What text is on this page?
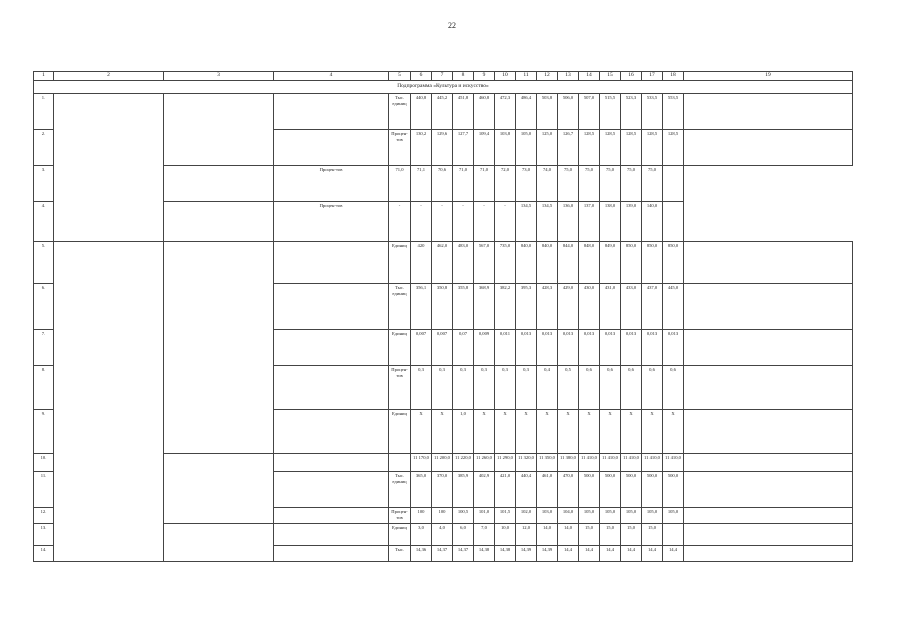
22
1	2	3	4	5	6	7	8	9	10	11	12	13	14	15	16	17	18	19
Подпрограмма «Культура и искусство»																		
1.				Тыс. единиц	440,8	445,2	451,8	460,8	472,3	486,4	503,8	506,0	507,0	515,5	523,3	533,5	553,5	
2.				Процен-тов	130,2	129,6	127,7	109,4	103,8	105,0	125,0	126,7	128,5	128,5	128,5	128,5	128,5	
3.			Процен-тов	71,0	71,1	70,6	71,0	71,0	72,0	73,0	74,0	75,0	75,0	75,0	75,0	75,0		
4.			Процен-тов	-	-	-	-	-	-	134,5	134,5	136,0	137,0	138,0	139,0	140,0		
5.				Единиц	420	462,0	483,0	567,0	735,0	840,0	840,0	844,0	848,0	849,0	850,0	850,0	850,0	
6.				Тыс. единиц	356,1	350,8	355,8	368,9	382,2	395,3	428,3	429,0	430,0	431,0	433,0	437,0	445,0	
7.				Единиц	0,007	0,007	0,07	0,009	0,011	0,013	0,013	0,013	0,013	0,013	0,013	0,013	0,013	
8.				Процен-тов	0,3	0,3	0,3	0,3	0,3	0,3	0,4	0,5	0,6	0,6	0,6	0,6	0,6	
9.				Единиц	X	X	1,0	X	X	X	X	X	X	X	X	X	X	
10.					11 170,0	11 200,0	11 220,0	11 260,0	11 290,0	11 320,0	11 350,0	11 380,0	11 410,0	11 410,0	11 410,0	11 410,0	11 410,0	
11.				Тыс. единиц	365,0	370,0	385,9	402,9	421,0	440,4	461,0	470,0	500,0	500,0	500,0	500,0	500,0	
12.				Процен-тов	100	100	100,5	101,0	101,5	102,0	103,0	104,0	105,0	105,0	105,0	105,0	105,0	
13.				Единиц	3,0	4,0	6,0	7,0	10,0	12,0	14,0	14,0	15,0	15,0	15,0	15,0		
14.				Тыс.	14,36	14,37	14,37	14,38	14,38	14,39	14,39	14,4	14,4	14,4	14,4	14,4	14,4	
